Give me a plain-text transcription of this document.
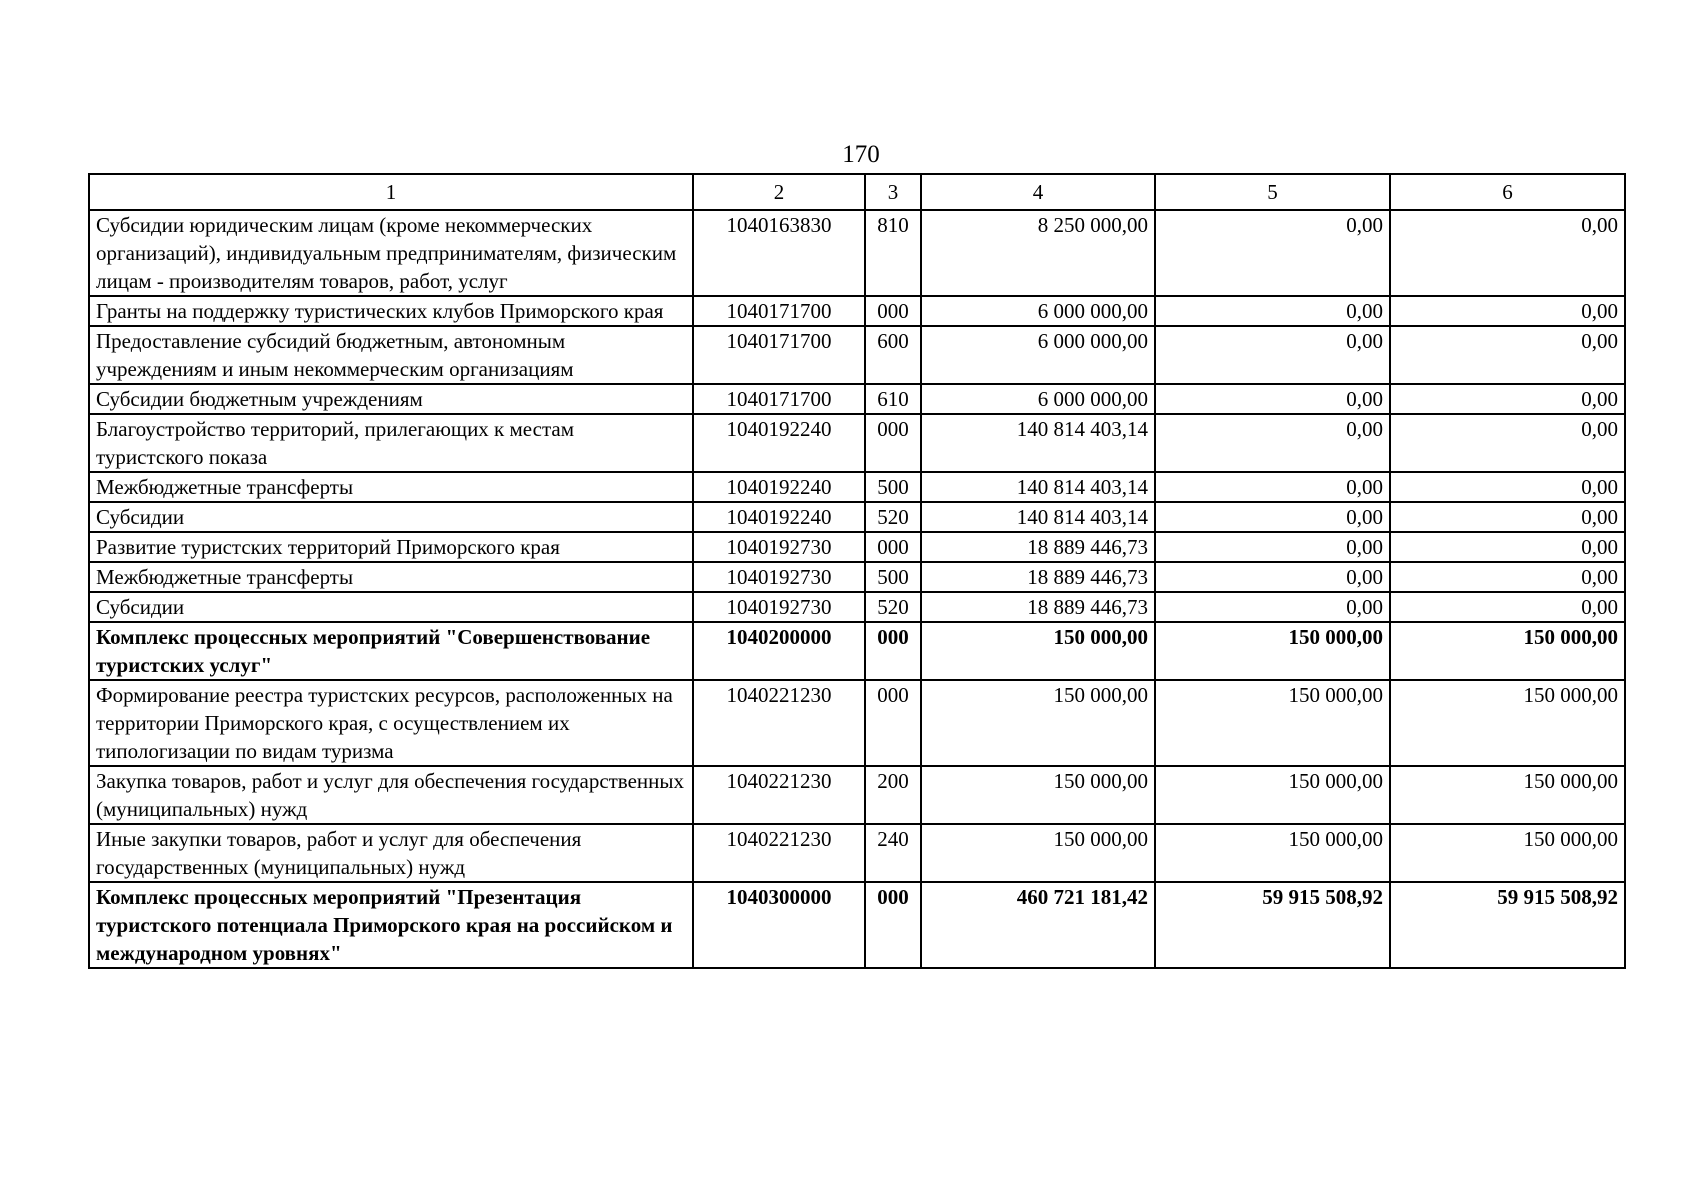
170
1	2	3	4	5	6
Субсидии юридическим лицам (кроме некоммерческих организаций), индивидуальным предпринимателям, физическим лицам - производителям товаров, работ, услуг	1040163830	810	8 250 000,00	0,00	0,00
Гранты на поддержку туристических клубов Приморского края	1040171700	000	6 000 000,00	0,00	0,00
Предоставление субсидий бюджетным, автономным учреждениям и иным некоммерческим организациям	1040171700	600	6 000 000,00	0,00	0,00
Субсидии бюджетным учреждениям	1040171700	610	6 000 000,00	0,00	0,00
Благоустройство территорий, прилегающих к местам туристского показа	1040192240	000	140 814 403,14	0,00	0,00
Межбюджетные трансферты	1040192240	500	140 814 403,14	0,00	0,00
Субсидии	1040192240	520	140 814 403,14	0,00	0,00
Развитие туристских территорий Приморского края	1040192730	000	18 889 446,73	0,00	0,00
Межбюджетные трансферты	1040192730	500	18 889 446,73	0,00	0,00
Субсидии	1040192730	520	18 889 446,73	0,00	0,00
Комплекс процессных мероприятий "Совершенствование туристских услуг"	1040200000	000	150 000,00	150 000,00	150 000,00
Формирование реестра туристских ресурсов, расположенных на территории Приморского края, с осуществлением их типологизации по видам туризма	1040221230	000	150 000,00	150 000,00	150 000,00
Закупка товаров, работ и услуг для обеспечения государственных (муниципальных) нужд	1040221230	200	150 000,00	150 000,00	150 000,00
Иные закупки товаров, работ и услуг для обеспечения государственных (муниципальных) нужд	1040221230	240	150 000,00	150 000,00	150 000,00
Комплекс процессных мероприятий "Презентация туристского потенциала Приморского края на российском и международном уровнях"	1040300000	000	460 721 181,42	59 915 508,92	59 915 508,92
